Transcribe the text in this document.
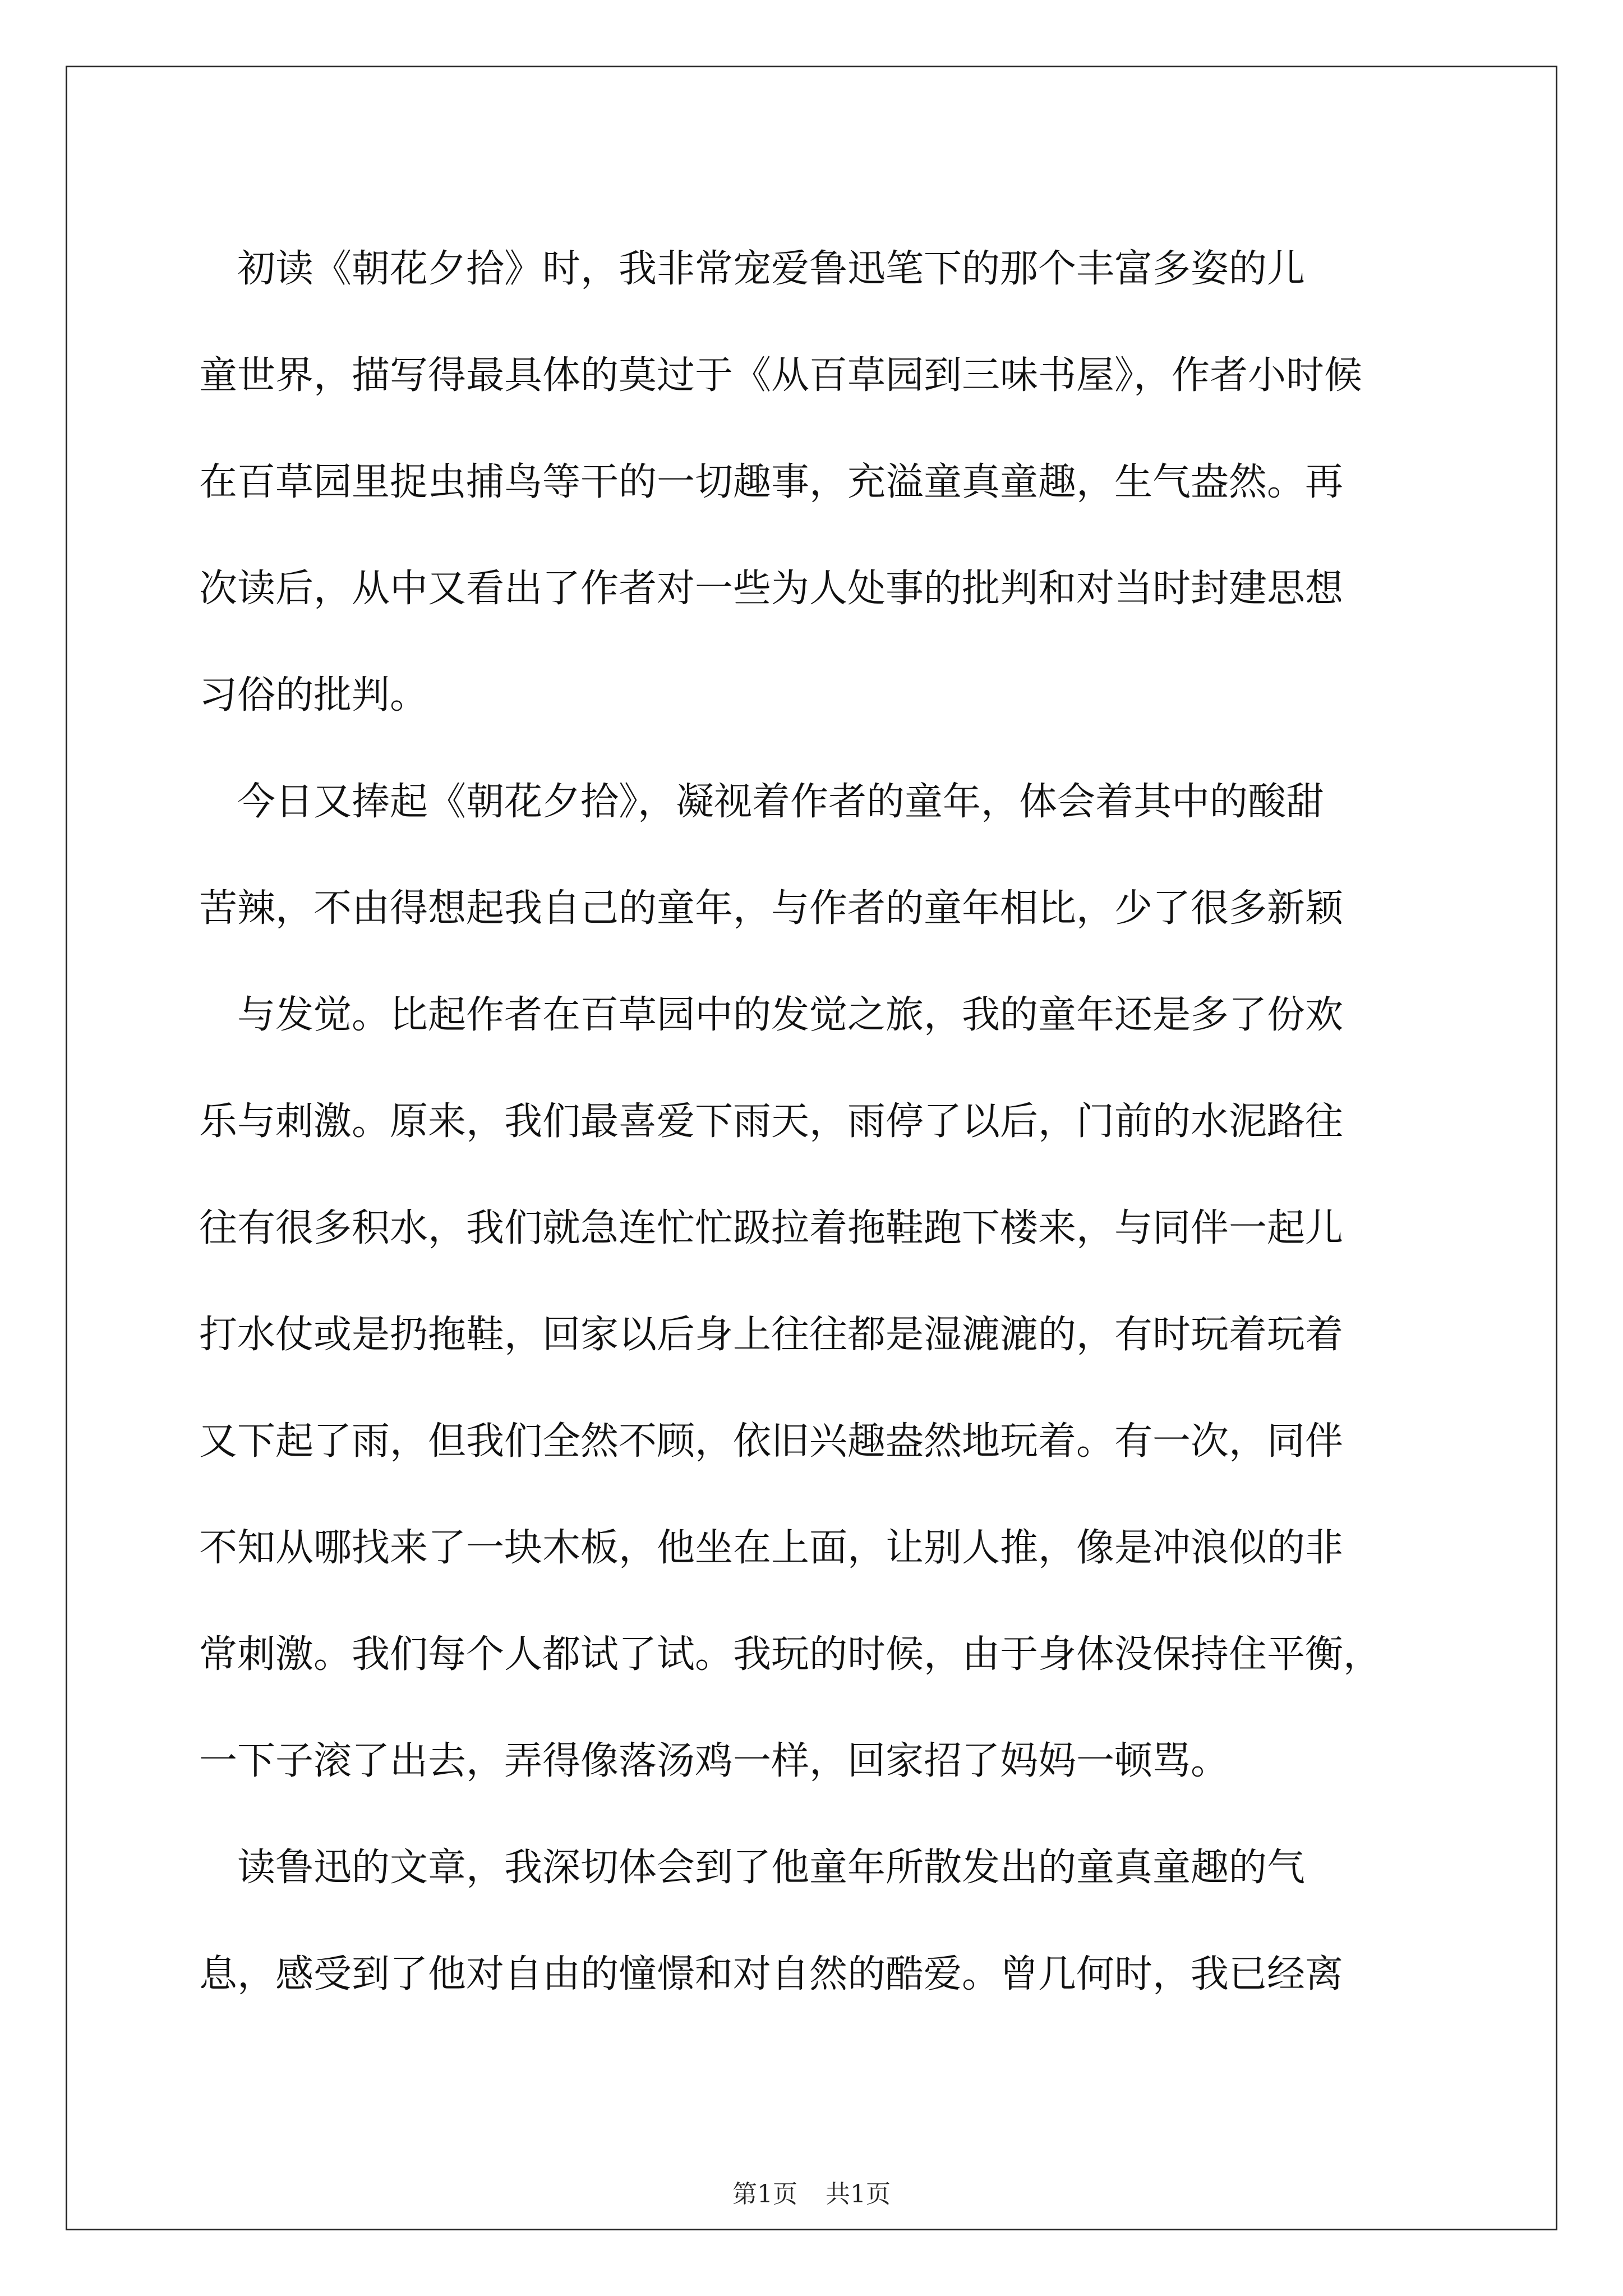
　初读《朝花夕拾》时，我非常宠爱鲁迅笔下的那个丰富多姿的儿
童世界，描写得最具体的莫过于《从百草园到三味书屋》，作者小时候
在百草园里捉虫捕鸟等干的一切趣事，充溢童真童趣，生气盎然。再
次读后，从中又看出了作者对一些为人处事的批判和对当时封建思想
习俗的批判。
　今日又捧起《朝花夕拾》，凝视着作者的童年，体会着其中的酸甜
苦辣，不由得想起我自己的童年，与作者的童年相比，少了很多新颖
　与发觉。比起作者在百草园中的发觉之旅，我的童年还是多了份欢
乐与刺激。原来，我们最喜爱下雨天，雨停了以后，门前的水泥路往
往有很多积水，我们就急连忙忙趿拉着拖鞋跑下楼来，与同伴一起儿
打水仗或是扔拖鞋，回家以后身上往往都是湿漉漉的，有时玩着玩着
又下起了雨，但我们全然不顾，依旧兴趣盎然地玩着。有一次，同伴
不知从哪找来了一块木板，他坐在上面，让别人推，像是冲浪似的非
常刺激。我们每个人都试了试。我玩的时候，由于身体没保持住平衡，
一下子滚了出去，弄得像落汤鸡一样，回家招了妈妈一顿骂。
　读鲁迅的文章，我深切体会到了他童年所散发出的童真童趣的气
息，感受到了他对自由的憧憬和对自然的酷爱。曾几何时，我已经离
第1页 共1页
